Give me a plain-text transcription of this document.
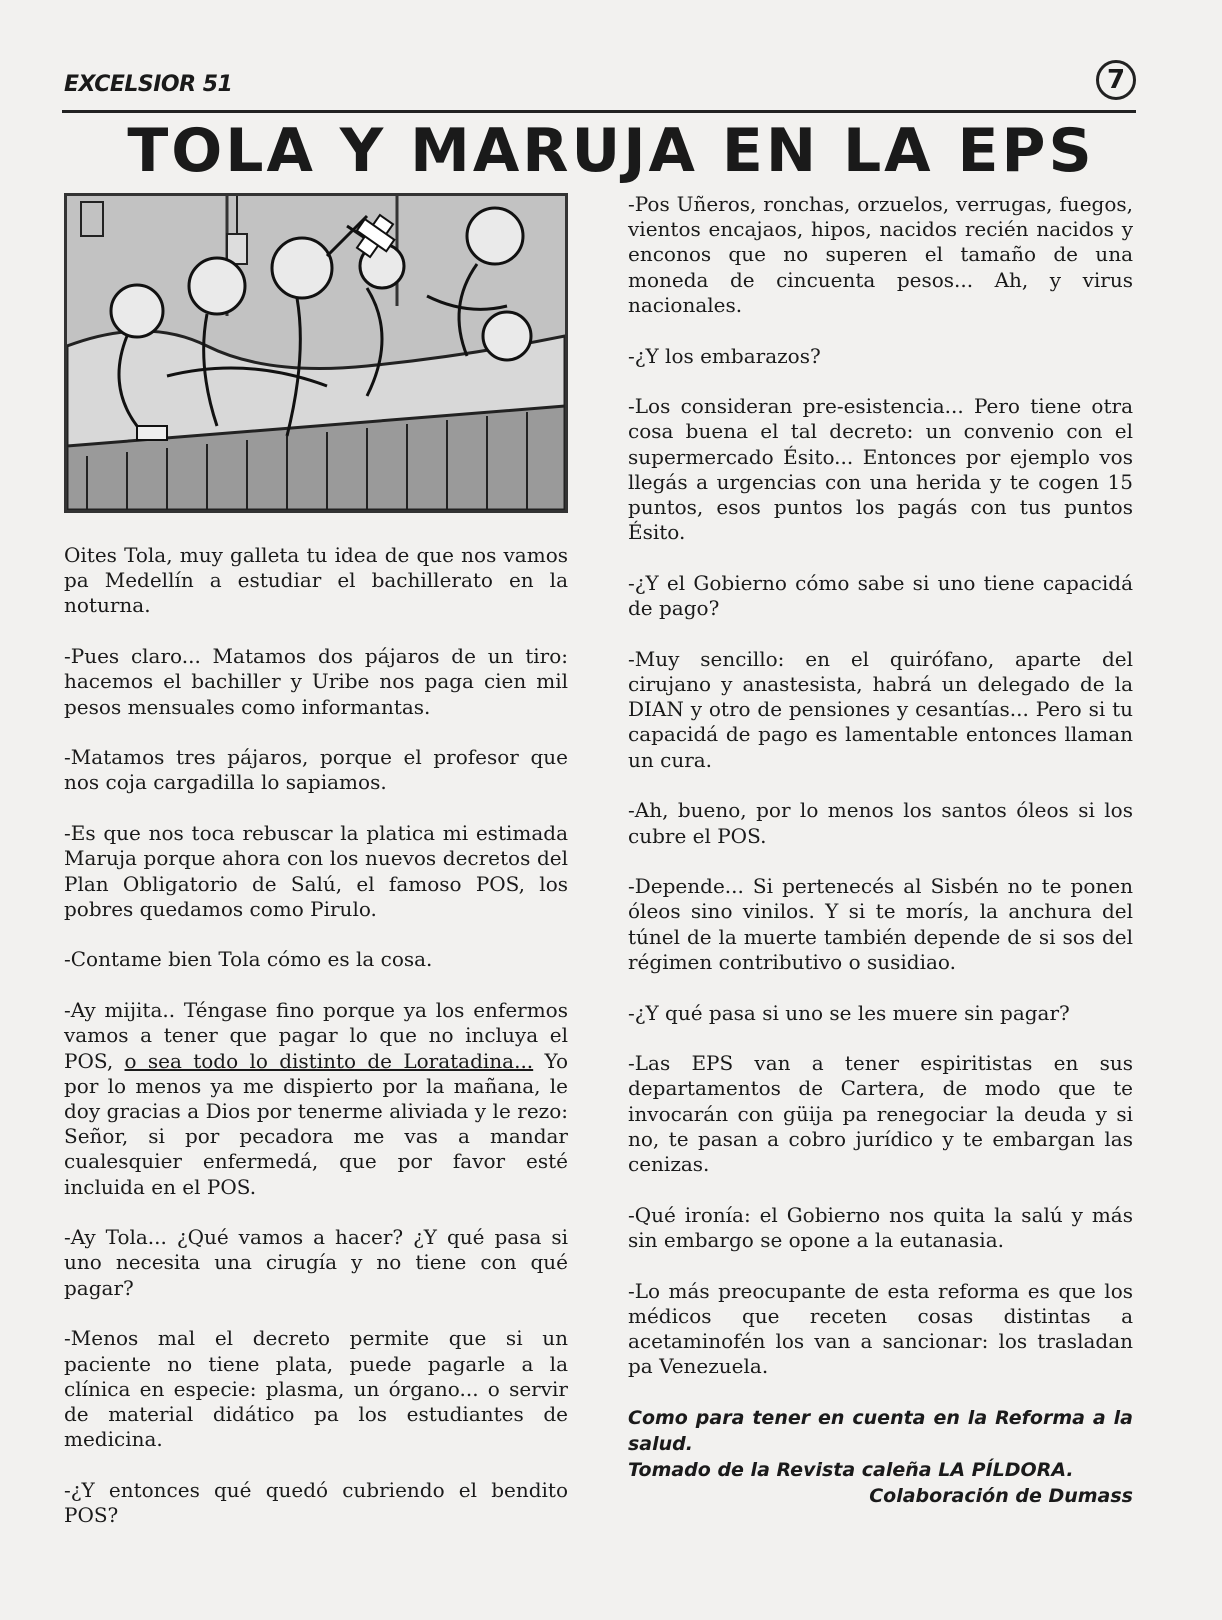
EXCELSIOR 51	7
TOLA Y MARUJA EN LA EPS

Oites Tola, muy galleta tu idea de que nos vamos pa Medellín a estudiar el bachillerato en la noturna.

-Pues claro... Matamos dos pájaros de un tiro: hacemos el bachiller y Uribe nos paga cien mil pesos mensuales como informantas.

-Matamos tres pájaros, porque el profesor que nos coja cargadilla lo sapiamos.

-Es que nos toca rebuscar la platica mi estimada Maruja porque ahora con los nuevos decretos del Plan Obligatorio de Salú, el famoso POS, los pobres quedamos como Pirulo.

-Contame bien Tola cómo es la cosa.

-Ay mijita.. Téngase fino porque ya los enfermos vamos a tener que pagar lo que no incluya el POS, o sea todo lo distinto de Loratadina... Yo por lo menos ya me dispierto por la mañana, le doy gracias a Dios por tenerme aliviada y le rezo: Señor, si por pecadora me vas a mandar cualesquier enfermedá, que por favor esté incluida en el POS.

-Ay Tola... ¿Qué vamos a hacer? ¿Y qué pasa si uno necesita una cirugía y no tiene con qué pagar?

-Menos mal el decreto permite que si un paciente no tiene plata, puede pagarle a la clínica en especie: plasma, un órgano... o servir de material didático pa los estudiantes de medicina.

-¿Y entonces qué quedó cubriendo el bendito POS?

-Pos Uñeros, ronchas, orzuelos, verrugas, fuegos, vientos encajaos, hipos, nacidos recién nacidos y enconos que no superen el tamaño de una moneda de cincuenta pesos... Ah, y virus nacionales.

-¿Y los embarazos?

-Los consideran pre-esistencia... Pero tiene otra cosa buena el tal decreto: un convenio con el supermercado Ésito... Entonces por ejemplo vos llegás a urgencias con una herida y te cogen 15 puntos, esos puntos los pagás con tus puntos Ésito.

-¿Y el Gobierno cómo sabe si uno tiene capacidá de pago?

-Muy sencillo: en el quirófano, aparte del cirujano y anastesista, habrá un delegado de la DIAN y otro de pensiones y cesantías... Pero si tu capacidá de pago es lamentable entonces llaman un cura.

-Ah, bueno, por lo menos los santos óleos si los cubre el POS.

-Depende... Si pertenecés al Sisbén no te ponen óleos sino vinilos. Y si te morís, la anchura del túnel de la muerte también depende de si sos del régimen contributivo o susidiao.

-¿Y qué pasa si uno se les muere sin pagar?

-Las EPS van a tener espiritistas en sus departamentos de Cartera, de modo que te invocarán con güija pa renegociar la deuda y si no, te pasan a cobro jurídico y te embargan las cenizas.

-Qué ironía: el Gobierno nos quita la salú y más sin embargo se opone a la eutanasia.

-Lo más preocupante de esta reforma es que los médicos que receten cosas distintas a acetaminofén los van a sancionar: los trasladan pa Venezuela.

Como para tener en cuenta en la Reforma a la salud.
Tomado de la Revista caleña LA PÍLDORA.
Colaboración de Dumass
